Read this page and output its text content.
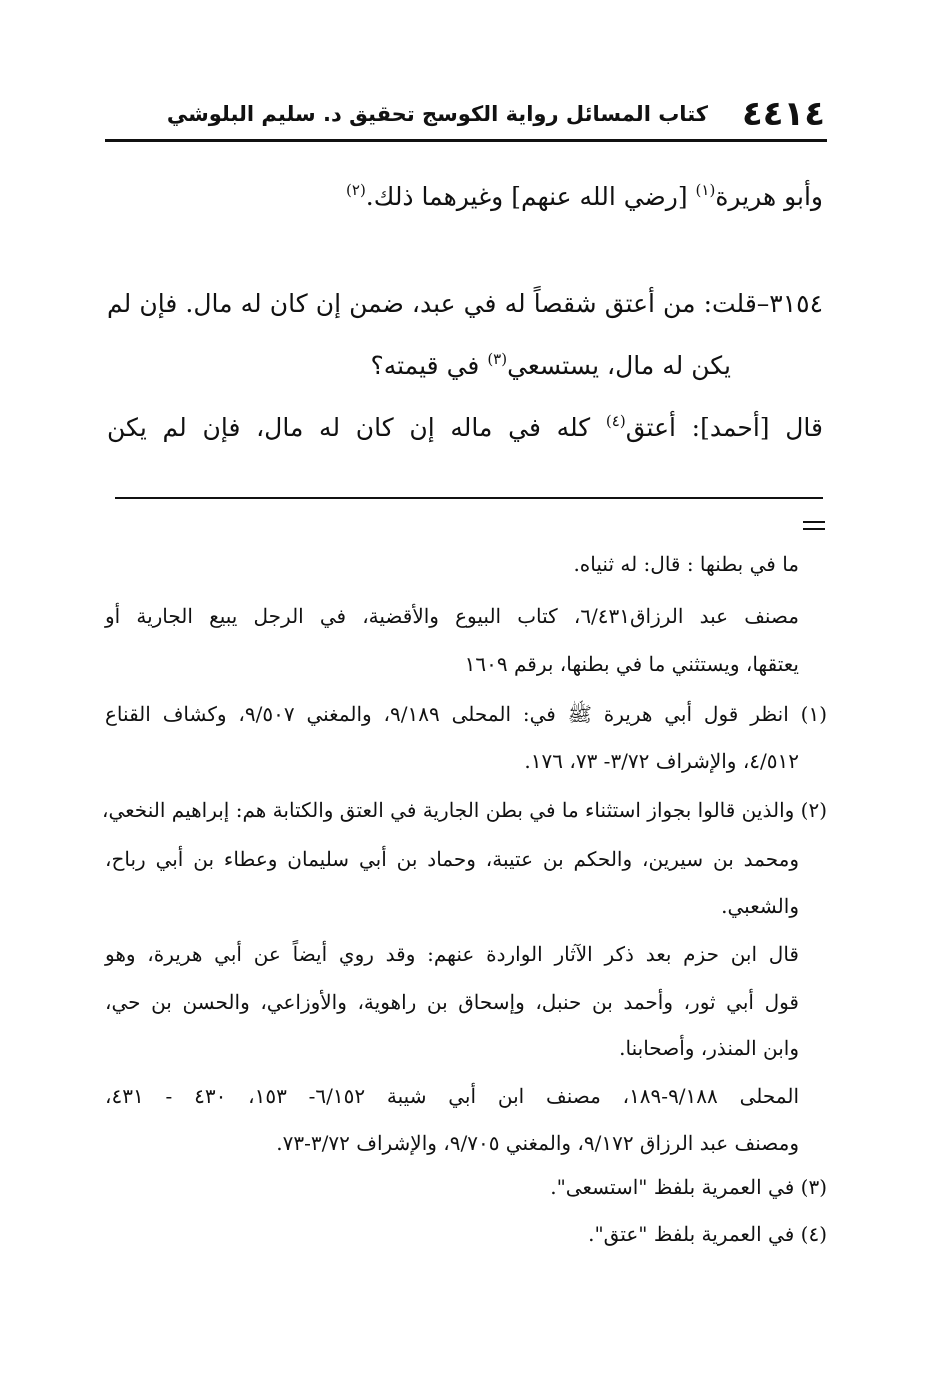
٤٤١٤
كتاب المسائل رواية الكوسج تحقيق د. سليم البلوشي
وأبو هريرة$^{(١)}$ [رضي الله عنهم] وغيرهما ذلك.$^{(٢)}$
٣١٥٤–قلت: من أعتق شقصاً له في عبد، ضمن إن كان له مال. فإن لم
يكن له مال، يستسعي$^{(٣)}$ في قيمته؟
قال [أحمد]: أعتق$^{(٤)}$ كله في ماله إن كان له مال، فإن لم يكن
ما في بطنها : قال: له ثنياه.
مصنف عبد الرزاق٦/٤٣١، كتاب البيوع والأقضية، في الرجل يبيع الجارية أو
يعتقها، ويستثني ما في بطنها، برقم ١٦٠٩
(١) انظر قول أبي هريرة ﷺ في: المحلى ٩/١٨٩، والمغني ٩/٥٠٧، وكشاف القناع
٤/٥١٢، والإشراف ٣/٧٢- ٧٣، ١٧٦.
(٢) والذين قالوا بجواز استثناء ما في بطن الجارية في العتق والكتابة هم: إبراهيم النخعي،
ومحمد بن سيرين، والحكم بن عتيبة، وحماد بن أبي سليمان وعطاء بن أبي رباح،
والشعبي.
قال ابن حزم بعد ذكر الآثار الواردة عنهم: وقد روي أيضاً عن أبي هريرة، وهو
قول أبي ثور، وأحمد بن حنبل، وإسحاق بن راهوية، والأوزاعي، والحسن بن حي،
وابن المنذر، وأصحابنا.
المحلى ٩/١٨٨-١٨٩، مصنف ابن أبي شيبة ٦/١٥٢- ١٥٣، ٤٣٠ - ٤٣١،
ومصنف عبد الرزاق ٩/١٧٢، والمغني ٩/٧٠٥، والإشراف ٣/٧٢-٧٣.
(٣) في العمرية بلفظ "استسعى".
(٤) في العمرية بلفظ "عتق".
